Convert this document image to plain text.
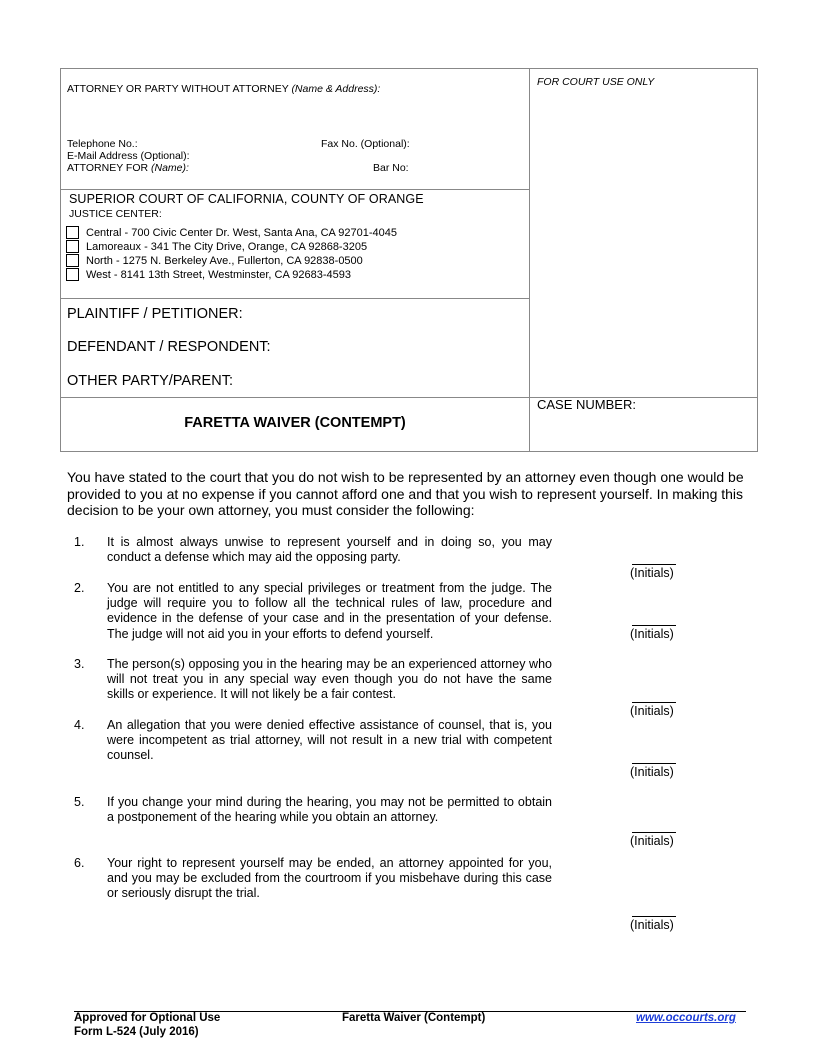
ATTORNEY OR PARTY WITHOUT ATTORNEY (Name & Address):
Telephone No.:	Fax No. (Optional):
E-Mail Address (Optional):
ATTORNEY FOR (Name):	Bar No:
FOR COURT USE ONLY
SUPERIOR COURT OF CALIFORNIA, COUNTY OF ORANGE
JUSTICE CENTER:
Central - 700 Civic Center Dr. West, Santa Ana, CA 92701-4045
Lamoreaux - 341 The City Drive, Orange, CA 92868-3205
North - 1275 N. Berkeley Ave., Fullerton, CA 92838-0500
West - 8141 13th Street, Westminster, CA 92683-4593
PLAINTIFF / PETITIONER:
DEFENDANT / RESPONDENT:
OTHER PARTY/PARENT:
FARETTA WAIVER (CONTEMPT)
CASE NUMBER:
You have stated to the court that you do not wish to be represented by an attorney even though one would be provided to you at no expense if you cannot afford one and that you wish to represent yourself. In making this decision to be your own attorney, you must consider the following:
1. It is almost always unwise to represent yourself and in doing so, you may conduct a defense which may aid the opposing party.
(Initials)
2. You are not entitled to any special privileges or treatment from the judge. The judge will require you to follow all the technical rules of law, procedure and evidence in the defense of your case and in the presentation of your defense. The judge will not aid you in your efforts to defend yourself.	(Initials)
3. The person(s) opposing you in the hearing may be an experienced attorney who will not treat you in any special way even though you do not have the same skills or experience. It will not likely be a fair contest.
(Initials)
4. An allegation that you were denied effective assistance of counsel, that is, you were incompetent as trial attorney, will not result in a new trial with competent counsel.
(Initials)
5. If you change your mind during the hearing, you may not be permitted to obtain a postponement of the hearing while you obtain an attorney.
(Initials)
6. Your right to represent yourself may be ended, an attorney appointed for you, and you may be excluded from the courtroom if you misbehave during this case or seriously disrupt the trial.
(Initials)
Approved for Optional Use
Form L-524 (July 2016)
Faretta Waiver (Contempt)	www.occourts.org
